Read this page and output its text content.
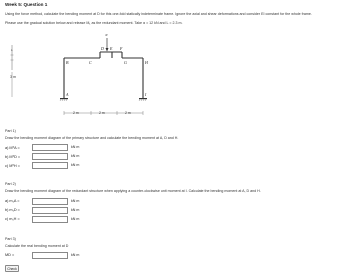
Week 5: Question 1
Using the force method, calculate the bending moment at D for this one-fold statically indeterminate frame. Ignore the axial and shear deformations and consider EI constant for the whole frame.
Please use the gradual solution below and release M₁ as the redundant moment. Take α = 12 kN and L = 2.3 m.
L
3 m
α
A
B	C
D E F
G	H
I
2 m	2 m	2 m
Part 1)
Draw the bending moment diagram of the primary structure and calculate the bending moment at A, D and H.
a) M⁰A =	kN m
b) M⁰D =	kN m
c) M⁰H =	kN m
Part 2)
Draw the bending moment diagram of the redundant structure when applying a counter-clockwise unit moment at I. Calculate the bending moment at A, D and H.
a) m₁A =	kN m
b) m₁D =	kN m
c) m₁H =	kN m
Part 3)
Calculate the real bending moment at D
MD =	kN m
Check
